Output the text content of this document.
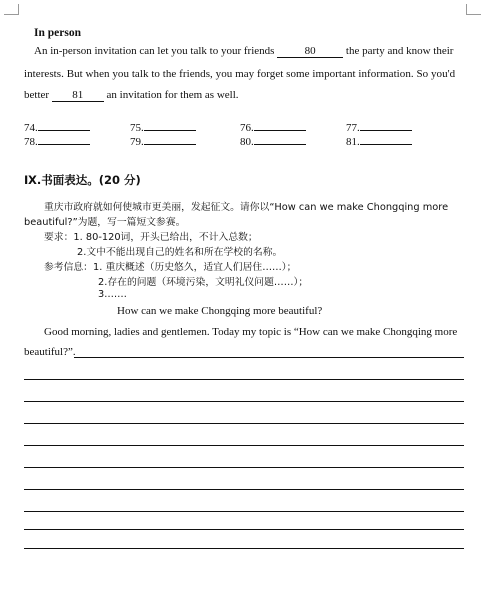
In person
An in-person invitation can let you talk to your friends	80	the party and know their
interests. But when you talk to the friends, you may forget some important information. So you'd
better 81 an invitation for them as well.
74.	75.	76.	77.
78.	79.	80.	81.
Ⅸ.书面表达。(20 分)
重庆市政府就如何使城市更美丽，发起征文。请你以“How can we make Chongqing more
beautiful?”为题，写一篇短文参赛。
要求：1. 80-120词，开头已给出，不计入总数；
2.文中不能出现自己的姓名和所在学校的名称。
参考信息：1. 重庆概述（历史悠久，适宜人们居住……）；
2.存在的问题（环境污染，文明礼仪问题……）；
3.……
How can we make Chongqing more beautiful?
Good morning, ladies and gentlemen. Today my topic is “How can we make Chongqing more
beautiful?”.
